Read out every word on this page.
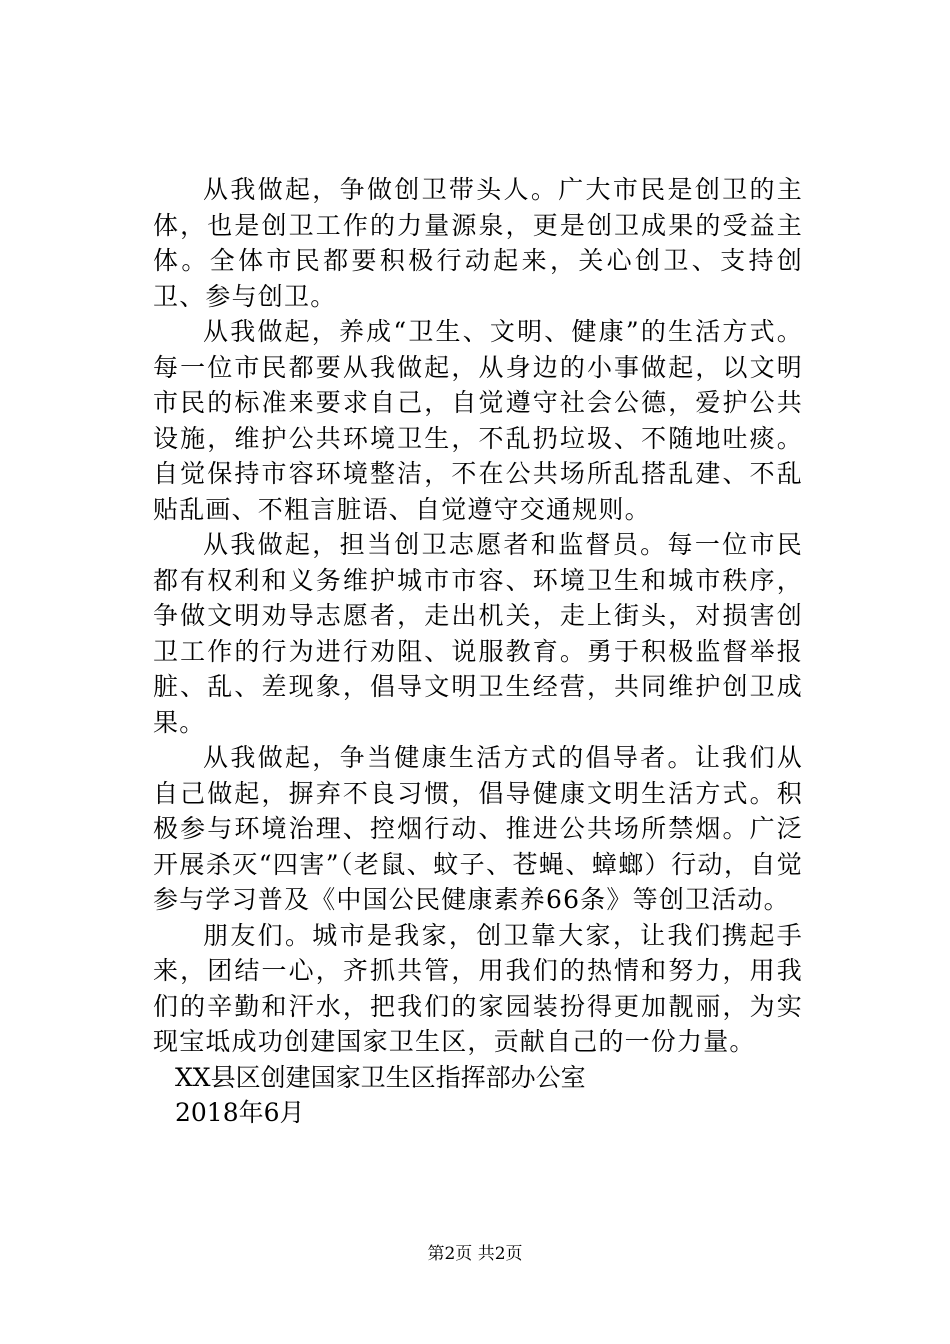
从我做起，争做创卫带头人。广大市民是创卫的主体，也是创卫工作的力量源泉，更是创卫成果的受益主体。全体市民都要积极行动起来，关心创卫、支持创卫、参与创卫。

从我做起，养成“卫生、文明、健康”的生活方式。每一位市民都要从我做起，从身边的小事做起，以文明市民的标准来要求自己，自觉遵守社会公德，爱护公共设施，维护公共环境卫生，不乱扔垃圾、不随地吐痰。自觉保持市容环境整洁，不在公共场所乱搭乱建、不乱贴乱画、不粗言脏语、自觉遵守交通规则。

从我做起，担当创卫志愿者和监督员。每一位市民都有权利和义务维护城市市容、环境卫生和城市秩序，争做文明劝导志愿者，走出机关，走上街头，对损害创卫工作的行为进行劝阻、说服教育。勇于积极监督举报脏、乱、差现象，倡导文明卫生经营，共同维护创卫成果。

从我做起，争当健康生活方式的倡导者。让我们从自己做起，摒弃不良习惯，倡导健康文明生活方式。积极参与环境治理、控烟行动、推进公共场所禁烟。广泛开展杀灭“四害”（老鼠、蚊子、苍蝇、蟑螂）行动，自觉参与学习普及《中国公民健康素养66条》等创卫活动。

朋友们。城市是我家，创卫靠大家，让我们携起手来，团结一心，齐抓共管，用我们的热情和努力，用我们的辛勤和汗水，把我们的家园装扮得更加靓丽，为实现宝坻成功创建国家卫生区，贡献自己的一份力量。

XX县区创建国家卫生区指挥部办公室

2018年6月

第2页 共2页
